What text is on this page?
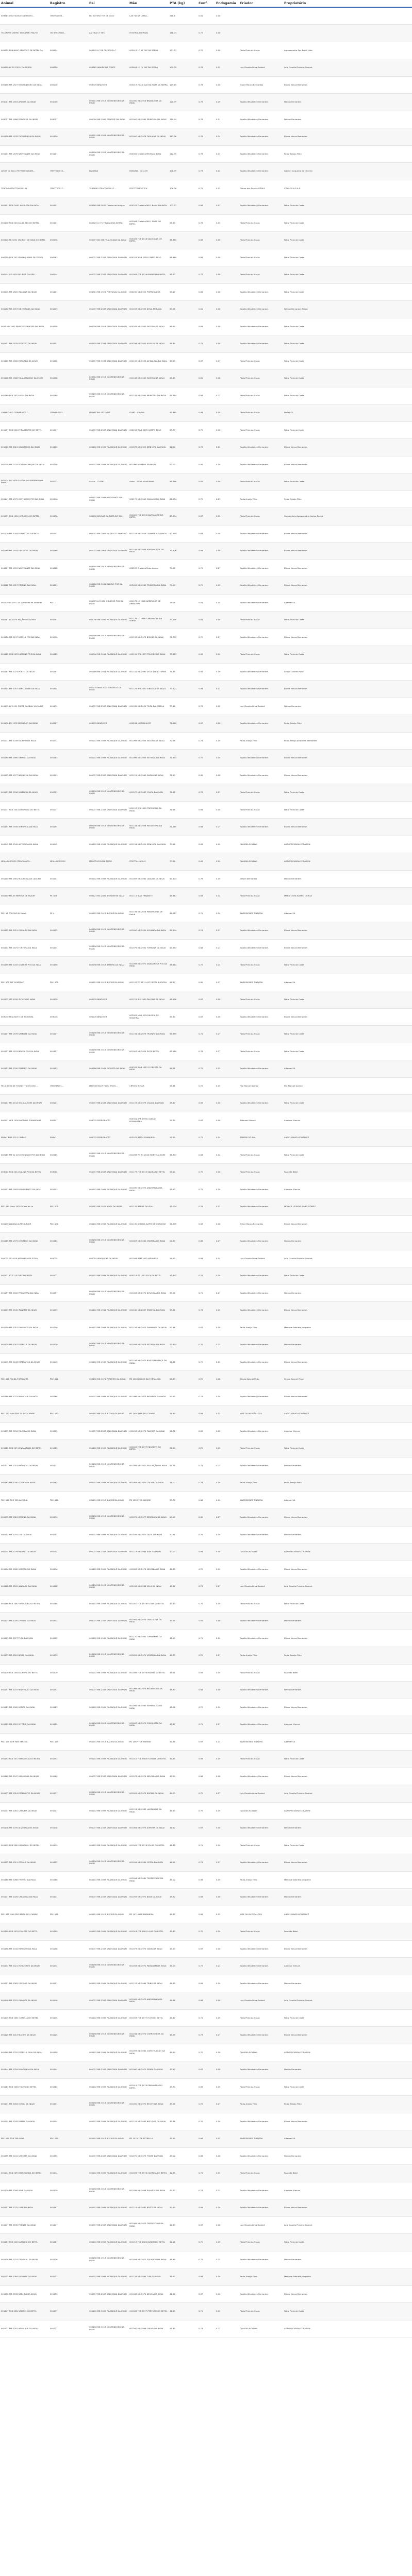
Animal	Registro	Pai	Mãe	PTA (kg)	Conf.	Endogamia	Criador	Proprietário
009663 ITSOT00003768 ITSOT0...	ITSOT00003...	FIC SOTERO FIM DE JOGO	LAS FIA DA LEMIA...	218.6	0.81	0.00		
TELEXOVA CARMO TEI CARMO PALHO	ITO TTCC3080...	AS TRIA CT TITO	ITOSTRIA DA INGAI	166.74	0.72	0.00		
005655 FCB NASC ARRECCO DE BETEL DA	005414	005645 LC DE CRESPOS LC	005913 LC HT FAZ DA SERRA	151.51	0.70	0.00	Fábio Pinto da Costa	Agropecuária Pau Brasil Ltda
005650 LC FV FISCH DA SERRA	005650	005662 ABAIDE DA PONTE	005604 LC FV FAZ DA SERRA	139.39	0.78	0.12	Luiz Claudio Lima Goulart	Luiz Claudio Pinheiro Goulart
000196 MB 1927 MONTENEGRO DA INGAI	000246	003070 BINGO ER	003017 ITALIA DA FAZ MATA DA SERRA	129.65	0.78	0.00	Eliane Moura Bernardes	Eliane Moura Bernardes
001001 MB 1916 ARARAS DA INGAI	001000	000201 MB 1913 MONTENEGRO DA INGAI	001000 MB 1916 BRASILEIRA DA INGAI	120.79	0.76	0.29	Espólio Wanderley Bernardes	Nelson Bernardes
003007 MB 1966 PRINCESA DA INGAI	003007	001000 MB 1960 PRINCIPE DA INGAI	001000 MB 1960 PRINCIPAL DA INGAI	119.44	0.76	0.11	Espólio Wanderley Bernardes	Nelson Bernardes
001110 MB 1978 TAGUATINGA DA INGAI	001110	000201 MB 1903 MONTENEGRO DA INGAI	001000 MB 1978 TAGUARA DA INGAI	113.08	0.78	0.24	Espólio Wanderley Bernardes	Eliane Moura Bernardes
001111 MB 1976 NAVEGANTE DA INGAI	001111	000196 MB 1923 MONTENEGRO DA INGAI	003002 Chateira MB Fisco Bahia	112.35	0.78	0.13	Espólio Wanderley Bernardes	Paulo Araújo Filho
LUCKY da Itens ITSYYS00016489...	ITSYYS00016...	NIAGARA	IMAGINA - CX.4.09	108.79	0.73	0.12	Espólio Wanderley Bernardes	Gabriel Junqueira de Oliveira
TERCINO ITSATTO0010101	ITSATT00017...	TERRENO ITSAOTO00017...	ITSOTTVATOICTCA	106.26	0.72	0.12	Gilmar dos Santos VITALE	VITALE S.A.S.A.S.
001101 MOE 2061 AGUILERA DA INGAI	001101	000165 MB 1830 Tiradas de Amigos	000207 Chateira MB 1 Bahia DA INGAI	103.21	0.86	0.07	Espólio Wanderley Bernardes	Fábio Pinto da Costa
001100 FCB 2016 ALBA SEC DO BETEL	001101	000125 LC FV TIRADAS DA SERRA	003084 Chateira MB 1 FÔBA DO BETEL	98.63	0.76	0.13	Fábio Pinto da Costa	Fábio Pinto da Costa
000176 FB 1631 CRUNCH DE INGÁ DO BETEL	000176	001037 BX 2387 SALOCADA DA INGAI	003026 FCB 1516 SALOCADA DO BETEL	96.369	0.86	0.00	Fábio Pinto da Costa	Fábio Pinto da Costa
000250 FCB 2013 FRANQUINHA DE ZENIEL	000263	001037 MB 2387 SALOCADA DA INGAI	000251 WAB 2718 CAMPO BELO	96.369	0.86	0.00	Fábio Pinto da Costa	Fábio Pinto da Costa
000244 GE 4076 DE INGÁ DA ORE...	000244	001037 MB 2387 SALOCADA DA INGAI	001004 FCB 1516 MARAVILHA BETEL	95.72	0.77	0.00	Fábio Pinto da Costa	Fábio Pinto da Costa
000245 MB 1920 ITALIANA DA INGAI	001101	000301 MB 1920 PORTUGAL DA INGAI	000260 MB 1920 PORTUGUESA	95.17	0.86	0.00	Espólio Wanderley Bernardes	Fábio Pinto da Costa
001210 MB 2057 DE MORADA DA INGAI	001209	001037 MB 2387 SALOCADA DA INGAI	001037 MB 1935 NOVA MORADA	89.26	0.61	0.00	Espólio Wanderley Bernardes	Nelson Bernardes Prado
0018 MB 1952 PRINCIPE PRINCIPE DA INGAI	001818	000208 MB 1916 SALOCADA DA INGAI	000265 MB 1940 FACEIRA DA INGAI	88.54	0.69	0.00	Espólio Wanderley Bernardes	Fábio Pinto da Costa
001101 MB 1979 EFEITIVO DA INGAI	001101	000105 MB 2384 SALOCADA DA INGAI	000294 MB 1931 ALFALFA DA INGAI	88.34	0.71	0.00	Espólio Wanderley Bernardes	Fábio Pinto da Costa
001102 MB 1966 ESTIVADA DA INGAI	001102	001037 MB 1936 SALOCADA DA INGAI	001100 MB 1936 AZ BALELA DA INGAI	87.23	0.67	0.07	Fábio Pinto da Costa	Fábio Pinto da Costa
001108 MB 1966 TAUÁ ITALIANO DA INGAI	001108	000304 MB 1913 MONTENEGRO DA INGAI	001108 MB 1940 FACEIRA DA INGAI	86.49	0.81	0.16	Fábio Pinto da Costa	Fábio Pinto da Costa
001180 FCB 2033 VITAL DA INGAI	001180	000195 MB 1913 MONTENEGRO DA INGAI	001105 MB 1960 PRINCESA DA INGAI	85.594	0.68	0.27	Fábio Pinto da Costa	Fábio Pinto da Costa
CHEPECHRO ITSWAR00017...	ITSWAR0001...	ITSWATTHA ITOTAINA	OLMO - SAVINA	85.365	0.69	0.19	Fábio Pinto da Costa	Walas S.I.
001197 FCB 2026 TIRADENTES DO BETEL	001197	001037 MB 2387 SALOCADA DA INGAI	000266 WAB 2678 CAMPO BELO	83.77	0.75	0.00	Fábio Pinto da Costa	Fábio Pinto da Costa
001200 MB 2024 DINAMARCA DA INGAI	001200	001102 MB 1969 PALANQUE DA INGAI	001078 MB 1920 SENHORA DA INGAI	82.04	0.78	0.19	Espólio Wanderley Bernardes	Eliane Moura Bernardes
001208 MB 2024 SOLO PALANQUE DA INGAI	001208	001102 MB 1969 PALANQUE DA INGAI	001096 MORENA DA INGAI	82.03	0.80	0.19	Espólio Wanderley Bernardes	Eliane Moura Bernardes
001234 LG 1978 COLÔNIA GUARDINHO DA ERRA	001232	Lacca - LT 6161	Anita – SILVA MONTANHA	81.886	0.81	0.00	Fábio Pinto da Costa	Fábio Pinto da Costa
001141 MB 1975 GOTHARDO POS DA INGAI	001140	000107 MB 1992 NAVEGANTE DA INGAI	000179 MB 1940 CAMAMU DA INGAI	81.254	0.79	0.21	Paulo Araújo Filho	Paulo Araújo Filho
001191 FCB 1950 CORONEL DO BETEL	001190	001190 BOLÍVIA DA MATA DO SUL	001020 FCB 1950 NAVEGANTE DO BETEL	80.994	0.67	0.15	Fábio Pinto da Costa	Condomínio Agropecuária Itaúna Rocha
001220 MB 2016 ESPIRITUAL DA INGAI	001101	000201 MB 2008 MA TR S37 PINHEIRO	001103 MB 1928 CARAPUCA DA INGAI	80.619	0.63	0.00	Espólio Wanderley Bernardes	Eliane Moura Bernardes
001160 MB 1933 GUFFATES DA INGAI	001160	001037 MB 1963 SALOCADA DA INGAI	001105 MB 1935 PORTUGUESA DA INGAI	79.626	0.69	0.00	Espólio Wanderley Bernardes	Eliane Moura Bernardes
001217 MB 1953 NAVEGANTE DA INGAI	001218	000195 MB 1913 MONTENEGRO DA INGAI	000207 Chateira Mata Aurora	79.00	0.70	0.27	Espólio Wanderley Bernardes	Eliane Moura Bernardes
001222 MB 2017 ETERNO DA INGAI	001201	000186 MB 1941 GALPÃO POS DA INGAI	003002 MB 1965 PRINCESA DA INGAI	79.00	0.70	0.19	Espólio Wanderley Bernardes	Eliane Moura Bernardes
001179 LC 1971 DE Armando da Alborner	PD 1.1	001079 LC 1950 ORIGOSO POS DA INGAI	001178 LC 1966 ARREDORA DE ARREDORA	78.08	0.81	0.15	Espólio Wanderley Bernardes	Altamar SA
001181 LC 1975 RAÇÃO DE OLIVER	001181	001040 MB 1980 PALANQUE DA INGAI	001179 LC 1988 CARAMBOLA DA SERRA	77.256	0.81	0.00	Fábio Pinto da Costa	Fábio Pinto da Costa
001170 MB 2197 CAPELA POS DA INGAI	001170	000196 MB 1913 MONTENEGRO DA INGAI	001133 MB 1972 BOMBA DA INGAI	76.795	0.70	0.27	Espólio Wanderley Bernardes	Eliane Moura Bernardes
001185 FCB 2033 GATUNA POS DA INGAI	001185	001040 MB 1944 PALANQUE DA INGAI	001199 WB 1973 TRUCIDE DA INGAI	75.687	0.69	0.19	Fábio Pinto da Costa	Fábio Pinto da Costa
001187 MB 2073 PORTO DA INGAI	001187	001186 MB 1944 PALANQUE DA INGAI	001102 MB 1990 DOCE DA NOTURNA	74.35	0.64	0.19	Espólio Wanderley Bernardes	Sérgio Gabriel Pinto
001414 MB 2057 VANCOUVER DA INGAI	001414	001275 WAB 2024 GIRASSOL DA INGAI	001125 WB 2437 SINGOLA DA INGAI	73.821	0.69	0.11	Espólio Wanderley Bernardes	Eliane Moura Bernardes
001179 LC 1991 CHEFE BAMBAL VOLTA DA	001179	001037 MB 2387 SALOCADA DA INGAI	001185 MB 2025 TIUPÁ DA CAPELA	73.48	0.78	0.15	Luiz Claudio Lima Goulart	Nelson Bernardes
001130 BX 1976 MORADOR DA INGAI	000217	000270 BINGO ER	000264 MORANHA ER	72.669	0.67	0.00	Espólio Wanderley Bernardes	Paulo Araújo Filho
001231 MB 2049 FACEIRO DA INGAI	001231	001102 MB 1969 PALANQUE DA INGAI	001069 MB 1934 FACEIRA DA INGAI	72.26	0.74	0.19	Paulo Araújo Filho	Paulo Araújo Junqueira Bernardes
001190 MB 1965 GRINGO DA INGAI	001183	001102 MB 1969 PALANQUE DA INGAI	001096 MB 1935 ESTRELA DA INGAI	71.993	0.70	0.19	Espólio Wanderley Bernardes	Eliane Moura Bernardes
001103 MB 1977 BAUNILHA DA INGAI	001103	001037 MB 2387 SALOCADA DA INGAI	001121 MB 1942 GAZUA DA INGAI	71.93	0.69	0.00	Espólio Wanderley Bernardes	Eliane Moura Bernardes
001193 MB 2036 VALÊNCIA DA INGAI	000711	000196 MB 1913 MONTENEGRO DA INGAI	001070 MB 1987 CIVICA DA INGAI	71.91	0.78	0.27	Fábio Pinto da Costa	Fábio Pinto da Costa
001237 FCB 2044 LUMINOSA DO BETEL	001237	001037 MB 2387 SALOCADA DA INGAI	001107 WB 1969 FREGUESIA DA INGAI	71.68	0.69	0.00	Fábio Pinto da Costa	Fábio Pinto da Costa
001154 MB 1949 VERONICA DA INGAI	001154	000196 MB 1913 MONTENEGRO DA INGAI	001154 MB 1938 PASSIFLORA DA INGAI	71.265	0.68	0.27	Espólio Wanderley Bernardes	Eliane Moura Bernardes
001242 MB 2049 ANTONINA DA INGAI	001242	001102 MB 1969 PALANQUE DA INGAI	001154 MB 1920 SENHORA DA INGAI	70.98	0.63	0.19	CLAUDIA ROLDAN	AGROPECUÁRIA CORAZÓN
MEL-LACROSSO ITSOO00003...	MEL-LACROSSO	ITSOPPOO05398 SPIRO	ITSOTTA - HOLLY	70.36	0.63	0.23	CLAUDIA ROLDAN	AGROPECUÁRIA CORAZÓN
001110 MB 1981 RUA NOVA DA LAGUNA	001111	001102 MB 1969 PALANQUE DA INGAI	001087 MB 1962 LAGUNA DA INGAI	69.974	0.76	0.19	Nelson Bernardes	Nelson Bernardes
001110 MA-09 MIMOSA DE SIQUEY	PE 188	000123 MA 2085 BIOSÍNTESE INGAI	001111 IBAS FRAJINETE	68.917	0.63	0.14	Fábio Pinto da Costa	MARIA CONCELIANO OCHOA
PD 116 TOR SUR III Marcil	PE 4	001192 MB 1913 BUZIOS DA INGAI	001194 MB 2028 PARAMOUNT De Amiré	68.217	0.71	0.24	INVERSIONES TINAJERA	Altamar SA
001125 MB 2021 CAZALAC DA INGAI	001125	000196 MB 1913 MONTENEGRO DA INGAI	001090 MB 1930 HOLANDA DA INGAI	67.944	0.74	0.27	Espólio Wanderley Bernardes	Eliane Moura Bernardes
001104 MB 1974 FORTUNA DA INGAI	001104	000196 MB 1913 MONTENEGRO DA INGAI	001075 MB 1931 FORTUNA DA INGAI	67.553	0.68	0.27	Espólio Wanderley Bernardes	Eliane Moura Bernardes
001196 MB 2043 CIGARRA POS DA INGAI	001196	000198 MB 1913 BATEIRA DA INGAI	001093 MB 1972 SABIA MOKA POS DA INGAI	66.614	0.72	0.24	Fábio Pinto da Costa	Fábio Pinto da Costa
PD 1101 ALT GONZAGO	PD 1101	001191 MB 1913 BUZIOS DA INGAI	001107 PD 1111 ALT FIESTA RUIDOSA	66.37	0.80	0.17	INVERSIONES TINAJERA	Altamar SA
001132 IRS 1930 SUTATA DE MAYA	001130	000270 BINGO ER	001121 IRS 1939 PALOMA DA INGAI	66.196	0.67	0.00	Fábio Pinto da Costa	Fábio Pinto da Costa
003070 MOA NOTO DE SIQUEIRA	003070	000270 BINGO ER	003052 MOA 2034 ALDEIA DE SIQUEIRA	65.64	0.67	0.00	Espólio Wanderley Bernardes	Eliane Moura Bernardes
001107 MB 1976 SATÉLITE DA INGAI	001107	000196 MB 1913 MONTENEGRO DA INGAI	001194 MB 2073 TRIUNFO DA INGAI	65.395	0.71	0.27	Fábio Pinto da Costa	Fábio Pinto da Costa
001117 MB 1974 BRASIL POS DA INGAI	001117	000196 MB 1913 MONTENEGRO DA INGAI	001007 MB 1924 DOCE BETEL	65.189	0.78	0.27	Fábio Pinto da Costa	Fábio Pinto da Costa
001153 MB 2030 ZAMBEZI DA INGAI	001153	000186 MB 1941 PAQUETÁ DA INGAI	000303 WAB 1912 FLORESTA DA INGAI	64.51	0.72	0.13	Espólio Wanderley Bernardes	Altamar SA
FELIX 1000 DE TOGNO ITSOOO4321...	ITSOTTA001...	ITSOO003A07 FIDEL ITSOO...	CRYSTA ROSCA	58.81	0.72	0.19	Filo Manuel Gomez	Filo Manuel Gomez
000111 MG 2014 SOLA ALEGRE DA INGAI	000111	001037 MB 2383 SALOCADA DA INGAI	001123 MB 1973 CIGANA DA INGAI	58.47	0.69	0.00	Espólio Wanderley Bernardes	Fábio Pinto da Costa
000147 APR 1000 LORD DA PORANGABA	000147	003075 FERRONATTO	000301 APR 1990 LIGAÇÃO PORANGABA	57.70	0.67	0.00	Aldemar Kimura	Aldemar Kimura
PD4n1 NRB 1011 CAMILO	PD4n1	003075 FERRONATTO	003075 JM7243 DANÚBIO	57.24	0.72	0.14	SEMPRE DO SOL	ANGEL DAVID GONZALEZ
002165 PM 51 2150 MONIQUE POS DA INGAI	002165	000202 MB 1913 MONTENEGRO DA INGAI	001098 PM 51 2040 MONTE ALEGRE	56.307	0.84	0.14	Fábio Pinto da Costa	Fábio Pinto da Costa
003002 FCB 2014 SALINA POS DA BETEL	003002	001037 MB 2387 SALOCADA DA INGAI	001177 FCB 1913 SALINA DO BETEL	56.14	0.70	0.00	Fábio Pinto da Costa	Fazenda Betel
001103 MB 1993 MONUMENTO DA INGAI	001103	001102 MB 1969 PALANQUE DA INGAI	001090 MB 1970 ANDORINHA DA INGAI	55.52	0.72	0.19	Espólio Wanderley Bernardes	Aldemar Kimura
PD 1113 Moss 1979 Tirada da Lo	PD 1101	001181 MB 1975 NIVEL DA INGAI	001132 BARRA DO PIAU	55.024	0.79	0.12	Espólio Wanderley Bernardes	MONICA LEONOR ALVES GÓMEZ
001130 ANDINA ALPES JUNIOR	PD 1101	001102 MB 1969 PALANQUE DA INGAI	001130 ANDINA ALPES DE GUACHAR	54.999	0.63	0.00	Eliane Moura Bernardes	Eliane Moura Bernardes
001185 MB 1975 CÓRREGO DA INGAI	001185	000196 MB 1913 MONTENEGRO DA INGAI	001067 MB 1964 CRATERA DA INGAI	54.37	0.68	0.27	Espólio Wanderley Bernardes	Nelson Bernardes
001035 ZE 4018 JAPONESA DA SITUA	001035	001054 ARAÚJO HE DA INGAI	001044 REM 2010 JAPONESA	54.10	0.64	0.14	Luiz Claudio Lima Goulart	Luiz Claudio Pinheiro Goulart
001171 PT 1113 FLEX DA BETEL	001171	001102 MB 1969 PALANQUE DA INGAI	000214 PT 1113 FLEX DA BETEL	53.843	0.75	0.19	Espólio Wanderley Bernardes	Fábio Pinto da Costa
001157 MB 2000 PRIMAVERA DA INGAI	001157	000196 MB 1913 MONTENEGRO DA INGAI	001058 MB 1970 NOVO DIA DA INGAI	53.56	0.71	0.27	Espólio Wanderley Bernardes	Nelson Bernardes
001209 MB 2045 IPANEMA DA INGAI	001209	001102 MB 1944 PALANQUE DA INGAI	001040 MB 2057 IPANEMA DA INGAI	53.38	0.78	0.19	Espólio Wanderley Bernardes	Eliane Moura Bernardes
001200 MB 2057 DIAMANTE DA INGAI	001200	001102 MB 1969 PALANQUE DA INGAI	001156 MB 1973 DIAMANTE DA INGAI	52.96	0.67	0.19	Paulo Araújo Filho	Mariana Gabriela Junqueira
001130 MB 2007 ESTRELA DA INGAI	001130	000167 MB 1913 MONTENEGRO DA INGAI	001058 MB 1978 ESTRELA DA INGAI	52.874	0.70	0.27	Espólio Wanderley Bernardes	Nelson Bernardes
001145 MB 2043 ESPERANÇA DA INGAI	001145	001102 MB 1969 PALANQUE DA INGAI	001106 MB 1970 BOA ESPERANÇA DA INGAI	52.61	0.70	0.19	Espólio Wanderley Bernardes	Eliane Moura Bernardes
PD 1126 PIA DA FORTALEZA	PD 1126	000152 MB 1971 PERFEITO DA INGAI	PD 1063 MARES DA FORTALEZA	52.33	0.72	0.16	Sérgio Gabriel Pinto	Sérgio Gabriel Pinto
001166 MB 2073 ARAGUARI DA INGAI	001166	001102 MB 1969 PALANQUE DA INGAI	001096 MB 1973 PALMEIRA DA INGAI	52.10	0.73	0.19	Espólio Wanderley Bernardes	Eliane Moura Bernardes
PD 1132 MAN SER TIL DEL CARIBE	PD 1132	001191 MB 1913 BUZIOS DA INGAI	PD 1001 HAR DEL CARIBE	51.90	0.69	0.13	JOSE OLIVA PEÑALOZA	ANGEL DAVID GONZALEZ
001195 MB 2056 PALMIRA DA INGAI	001195	001037 MB 2387 SALOCADA DA INGAI	001098 MB 1976 PALMIRA DA INGAI	51.72	0.69	0.00	Espólio Wanderley Bernardes	Aldemar Kimura
001185 FCB 2074 ENCANTADA DO BETEL	001185	001102 MB 1969 PALANQUE DA INGAI	001005 FCB 1977 ENCANTO DO BETEL	51.54	0.72	0.19	Fábio Pinto da Costa	Fábio Pinto da Costa
001127 MB 2014 PARAGUAI DA INGAI	001127	000196 MB 1913 MONTENEGRO DA INGAI	001049 MB 1972 ASSUNÇÃO DA INGAI	51.28	0.71	0.27	Espólio Wanderley Bernardes	Nelson Bernardes
001163 MB 2040 COLINA DA INGAI	001163	001102 MB 1969 PALANQUE DA INGAI	001063 MB 1975 COLINA DA INGAI	51.02	0.74	0.19	Paulo Araújo Filho	Paulo Araújo Filho
PD 1140 TOR TAR ALEGRÍA	PD 1140	001191 MB 1913 BUZIOS DA INGAI	PD 1055 TOR ALEGRE	50.77	0.68	0.13	INVERSIONES TINAJERA	Altamar SA
001139 MB 2026 SERENA DA INGAI	001139	000196 MB 1913 MONTENEGRO DA INGAI	001072 MB 1977 SERENATA DA INGAI	50.55	0.69	0.27	Espólio Wanderley Bernardes	Eliane Moura Bernardes
001152 MB 2033 LUZ DA INGAI	001152	001102 MB 1969 PALANQUE DA INGAI	001045 MB 1970 LUZIA DA INGAI	50.31	0.70	0.19	Espólio Wanderley Bernardes	Nelson Bernardes
001214 MB 2079 MARAJÓ DA INGAI	001214	001037 MB 2387 SALOCADA DA INGAI	001113 MB 1984 ILHA DA INGAI	50.07	0.66	0.00	CLAUDIA ROLDAN	AGROPECUÁRIA CORAZÓN
001176 MB 2060 CANÇÃO DA INGAI	001176	001102 MB 1969 PALANQUE DA INGAI	001083 MB 1978 MELODIA DA INGAI	49.85	0.72	0.19	Espólio Wanderley Bernardes	Eliane Moura Bernardes
001118 MB 2009 JANGADA DA INGAI	001118	000196 MB 1913 MONTENEGRO DA INGAI	001036 MB 1968 VELA DA INGAI	49.62	0.73	0.27	Luiz Claudio Lima Goulart	Luiz Claudio Pinheiro Goulart
001188 FCB 2067 ORQUÍDEA DO BETEL	001188	001102 MB 1969 PALANQUE DA INGAI	001010 FCB 1979 FLORA DO BETEL	49.40	0.70	0.19	Fábio Pinto da Costa	Fábio Pinto da Costa
001143 MB 2030 CRISTAL DA INGAI	001143	001037 MB 2387 SALOCADA DA INGAI	001061 MB 1973 CRISTALINA DA INGAI	49.18	0.67	0.00	Espólio Wanderley Bernardes	Nelson Bernardes
001203 MB 2077 TUPÃ DA INGAI	001203	001102 MB 1969 PALANQUE DA INGAI	001120 MB 1982 TUPINAMBÁ DA INGAI	48.95	0.71	0.19	Espólio Wanderley Bernardes	Eliane Moura Bernardes
001133 MB 2019 BRISA DA INGAI	001133	000196 MB 1913 MONTENEGRO DA INGAI	001052 MB 1971 VENTANIA DA INGAI	48.73	0.72	0.27	Paulo Araújo Filho	Paulo Araújo Filho
001170 FCB 2058 AURORA DO BETEL	001170	001102 MB 1969 PALANQUE DA INGAI	001008 FCB 1976 MANHÃ DO BETEL	48.51	0.69	0.19	Fábio Pinto da Costa	Fazenda Betel
001151 MB 2037 REDENÇÃO DA INGAI	001151	001037 MB 2387 SALOCADA DA INGAI	001066 MB 1974 REDENTORA DA INGAI	48.30	0.68	0.00	Espólio Wanderley Bernardes	Nelson Bernardes
001183 MB 2065 SAFIRA DA INGAI	001183	001102 MB 1969 PALANQUE DA INGAI	001091 MB 1980 ESMERALDA DA INGAI	48.08	0.70	0.19	Espólio Wanderley Bernardes	Eliane Moura Bernardes
001129 MB 2015 VITÓRIA DA INGAI	001129	000196 MB 1913 MONTENEGRO DA INGAI	001047 MB 1970 CONQUISTA DA INGAI	47.87	0.71	0.27	Espólio Wanderley Bernardes	Aldemar Kimura
PD 1155 TOR MAR SERENA	PD 1155	001191 MB 1913 BUZIOS DA INGAI	PD 1067 TOR MARINA	47.66	0.67	0.13	INVERSIONES TINAJERA	Altamar SA
001193 FCB 2072 MAGNÓLIA DO BETEL	001193	001102 MB 1969 PALANQUE DA INGAI	001012 FCB 1980 FLORIDA DO BETEL	47.45	0.69	0.19	Fábio Pinto da Costa	Fábio Pinto da Costa
001160 MB 2047 HARMONIA DA INGAI	001160	001037 MB 2387 SALOCADA DA INGAI	001076 MB 1976 MELODIA DA INGAI	47.24	0.68	0.00	Espólio Wanderley Bernardes	Eliane Moura Bernardes
001137 MB 2024 ESPERANTO DA INGAI	001137	000196 MB 1913 MONTENEGRO DA INGAI	001055 MB 1972 IDIOMA DA INGAI	47.03	0.72	0.27	Luiz Claudio Lima Goulart	Luiz Claudio Pinheiro Goulart
001207 MB 2081 CANDEIA DA INGAI	001207	001102 MB 1969 PALANQUE DA INGAI	001124 MB 1983 LAMPARINA DA INGAI	46.83	0.70	0.19	CLAUDIA ROLDAN	AGROPECUÁRIA CORAZÓN
001148 MB 2035 ALVORADA DA INGAI	001148	001037 MB 2387 SALOCADA DA INGAI	001064 MB 1973 AURORA DA INGAI	46.62	0.67	0.00	Espólio Wanderley Bernardes	Nelson Bernardes
001179 FCB 2063 GIRASSOL DO BETEL	001179	001102 MB 1969 PALANQUE DA INGAI	001009 FCB 1978 SOLAR DO BETEL	46.42	0.71	0.19	Fábio Pinto da Costa	Fábio Pinto da Costa
001122 MB 2011 PÉROLA DA INGAI	001122	000196 MB 1913 MONTENEGRO DA INGAI	001041 MB 1969 OSTRA DA INGAI	46.22	0.73	0.27	Espólio Wanderley Bernardes	Eliane Moura Bernardes
001186 MB 2068 TROVÃO DA INGAI	001186	001102 MB 1969 PALANQUE DA INGAI	001094 MB 1981 TEMPESTADE DA INGAI	46.02	0.69	0.19	Paulo Araújo Filho	Mariana Gabriela Junqueira
001141 MB 2028 CARAVELA DA INGAI	001141	001037 MB 2387 SALOCADA DA INGAI	001059 MB 1972 NAVE DA INGAI	45.82	0.68	0.00	Espólio Wanderley Bernardes	Nelson Bernardes
PD 1161 MAN SER BRISA DEL CARIBE	PD 1161	001191 MB 1913 BUZIOS DA INGAI	PD 1071 HAR MARINERA	45.62	0.66	0.13	JOSE OLIVA PEÑALOZA	ANGEL DAVID GONZALEZ
001199 FCB 2076 VIOLETA DO BETEL	001199	001102 MB 1969 PALANQUE DA INGAI	001014 FCB 1981 LILÁS DO BETEL	45.43	0.70	0.19	Fábio Pinto da Costa	Fazenda Betel
001158 MB 2044 MIRAGEM DA INGAI	001158	001037 MB 2387 SALOCADA DA INGAI	001073 MB 1975 OÁSIS DA INGAI	45.23	0.67	0.00	Espólio Wanderley Bernardes	Eliane Moura Bernardes
001134 MB 2021 HORIZONTE DA INGAI	001134	000196 MB 1913 MONTENEGRO DA INGAI	001053 MB 1971 PAISAGEM DA INGAI	45.04	0.72	0.27	Espólio Wanderley Bernardes	Aldemar Kimura
001211 MB 2083 CACIQUE DA INGAI	001211	001102 MB 1969 PALANQUE DA INGAI	001127 MB 1984 TRIBO DA INGAI	44.85	0.69	0.19	Espólio Wanderley Bernardes	Nelson Bernardes
001146 MB 2031 GAIVOTA DA INGAI	001146	001037 MB 2387 SALOCADA DA INGAI	001062 MB 1973 ANDORINHA DA INGAI	44.66	0.68	0.00	Luiz Claudio Lima Goulart	Luiz Claudio Pinheiro Goulart
001175 FCB 2061 CAMÉLIA DO BETEL	001175	001102 MB 1969 PALANQUE DA INGAI	001007 FCB 1977 FLOR DO BETEL	44.47	0.71	0.19	Fábio Pinto da Costa	Fábio Pinto da Costa
001125 MB 2013 RIACHO DA INGAI	001125	000196 MB 1913 MONTENEGRO DA INGAI	001044 MB 1970 CORRENTEZA DA INGAI	44.29	0.73	0.27	Espólio Wanderley Bernardes	Eliane Moura Bernardes
001190 MB 2070 ESTRELA GUIA DA INGAI	001190	001102 MB 1969 PALANQUE DA INGAI	001097 MB 1982 CONSTELAÇÃO DA INGAI	44.10	0.70	0.19	CLAUDIA ROLDAN	AGROPECUÁRIA CORAZÓN
001144 MB 2029 MONTANHA DA INGAI	001144	001037 MB 2387 SALOCADA DA INGAI	001060 MB 1972 SERRA DA INGAI	43.92	0.67	0.00	Espólio Wanderley Bernardes	Nelson Bernardes
001182 FCB 2066 TULIPA DO BETEL	001182	001102 MB 1969 PALANQUE DA INGAI	001011 FCB 1979 PRIMAVERA DO BETEL	43.74	0.69	0.19	Fábio Pinto da Costa	Fábio Pinto da Costa
001131 MB 2018 CORAL DA INGAI	001131	000196 MB 1913 MONTENEGRO DA INGAI	001050 MB 1971 RECIFE DA INGAI	43.56	0.72	0.27	Paulo Araújo Filho	Paulo Araújo Filho
001204 MB 2078 SAMBA DA INGAI	001204	001102 MB 1969 PALANQUE DA INGAI	001121 MB 1983 BATUQUE DA INGAI	43.38	0.70	0.19	Espólio Wanderley Bernardes	Eliane Moura Bernardes
PD 1170 TOR TAR LUNA	PD 1170	001191 MB 1913 BUZIOS DA INGAI	PD 1079 TOR ESTRELLA	43.20	0.66	0.13	INVERSIONES TINAJERA	Altamar SA
001155 MB 2041 CASCATA DA INGAI	001155	001037 MB 2387 SALOCADA DA INGAI	001070 MB 1975 FONTE DA INGAI	43.02	0.68	0.00	Espólio Wanderley Bernardes	Nelson Bernardes
001174 FCB 2059 MARGARIDA DO BETEL	001174	001102 MB 1969 PALANQUE DA INGAI	001006 FCB 1976 CAMPINA DO BETEL	42.85	0.71	0.19	Fábio Pinto da Costa	Fazenda Betel
001120 MB 2008 VALE DA INGAI	001120	000196 MB 1913 MONTENEGRO DA INGAI	001039 MB 1968 PLANÍCIE DA INGAI	42.67	0.73	0.27	Espólio Wanderley Bernardes	Aldemar Kimura
001197 MB 2075 LUAR DA INGAI	001197	001102 MB 1969 PALANQUE DA INGAI	001119 MB 1982 NOITE DA INGAI	42.50	0.69	0.19	Espólio Wanderley Bernardes	Eliane Moura Bernardes
001147 MB 2032 POENTE DA INGAI	001147	001037 MB 2387 SALOCADA DA INGAI	001065 MB 1973 CREPÚSCULO DA INGAI	42.33	0.67	0.00	Luiz Claudio Lima Goulart	Luiz Claudio Pinheiro Goulart
001187 FCB 2069 AZALEIA DO BETEL	001187	001102 MB 1969 PALANQUE DA INGAI	001013 FCB 1980 JARDIM DO BETEL	42.16	0.70	0.19	Fábio Pinto da Costa	Fábio Pinto da Costa
001136 MB 2023 TROPICAL DA INGAI	001136	000196 MB 1913 MONTENEGRO DA INGAI	001054 MB 1972 EQUADOR DA INGAI	41.99	0.72	0.27	Espólio Wanderley Bernardes	Nelson Bernardes
001212 MB 2084 GUARANI DA INGAI	001212	001102 MB 1969 PALANQUE DA INGAI	001128 MB 1985 TUPI DA INGAI	41.82	0.68	0.19	Paulo Araújo Filho	Mariana Gabriela Junqueira
001150 MB 2036 NEBLINA DA INGAI	001150	001037 MB 2387 SALOCADA DA INGAI	001068 MB 1974 NÉVOA DA INGAI	41.66	0.67	0.00	Espólio Wanderley Bernardes	Eliane Moura Bernardes
001177 FCB 2062 JASMIM DO BETEL	001177	001102 MB 1969 PALANQUE DA INGAI	001008 FCB 1977 PERFUME DO BETEL	41.49	0.71	0.19	Fábio Pinto da Costa	Fábio Pinto da Costa
001121 MB 2010 ARCO-ÍRIS DA INGAI	001121	000196 MB 1913 MONTENEGRO DA INGAI	001040 MB 1969 CHUVA DA INGAI	41.33	0.73	0.27	CLAUDIA ROLDAN	AGROPECUÁRIA CORAZÓN
